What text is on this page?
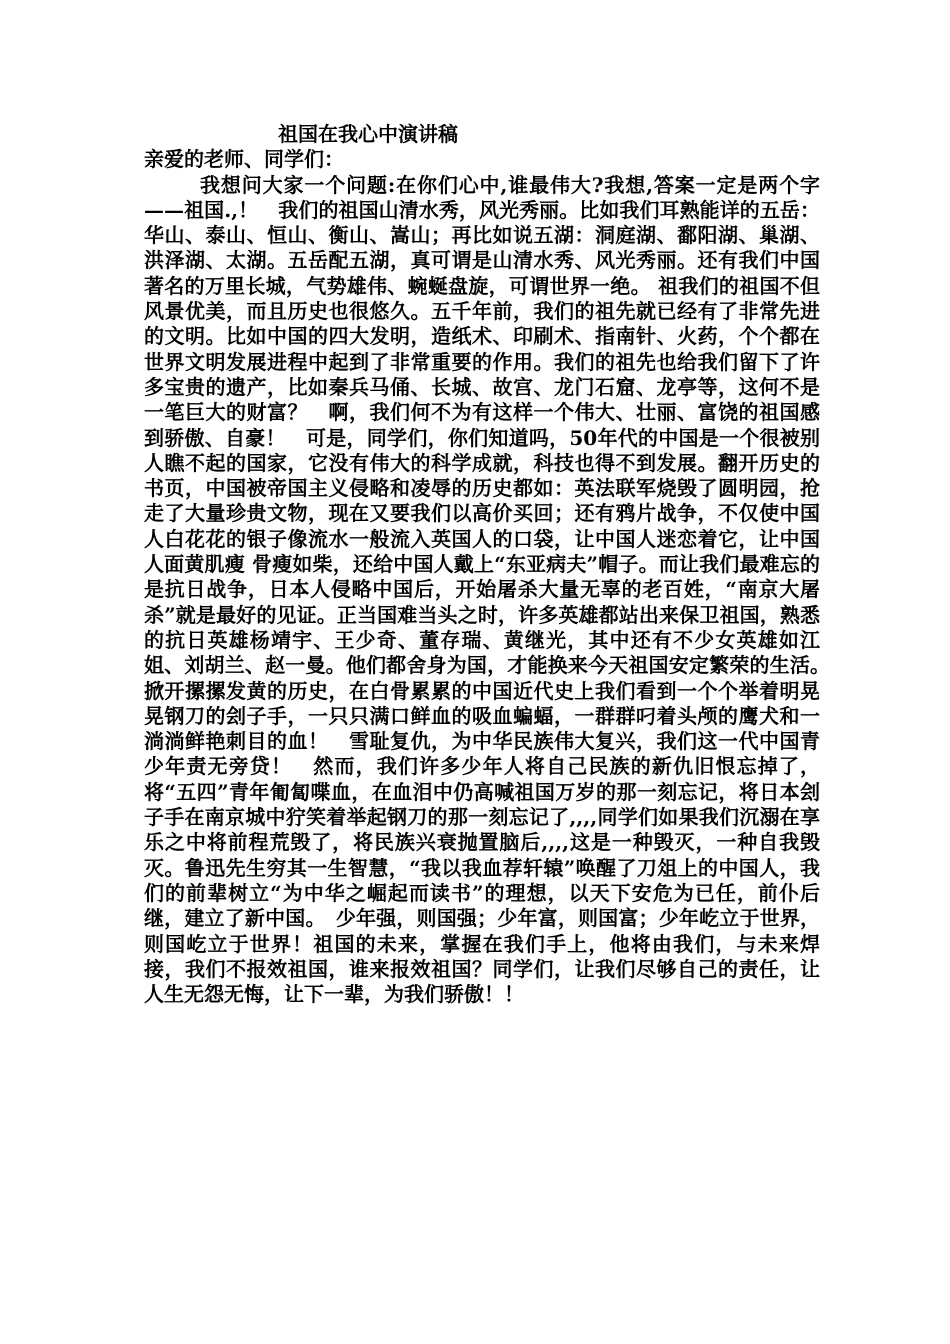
祖国在我心中演讲稿

亲爱的老师、同学们：

我想问大家一个问题:在你们心中,谁最伟大?我想,答案一定是两个字——祖国.,！　我们的祖国山清水秀，风光秀丽。比如我们耳熟能详的五岳：华山、泰山、恒山、衡山、嵩山；再比如说五湖：洞庭湖、鄱阳湖、巢湖、洪泽湖、太湖。五岳配五湖，真可谓是山清水秀、风光秀丽。还有我们中国著名的万里长城，气势雄伟、蜿蜒盘旋，可谓世界一绝。 祖我们的祖国不但风景优美，而且历史也很悠久。五千年前，我们的祖先就已经有了非常先进的文明。比如中国的四大发明，造纸术、印刷术、指南针、火药，个个都在世界文明发展进程中起到了非常重要的作用。我们的祖先也给我们留下了许多宝贵的遗产，比如秦兵马俑、长城、故宫、龙门石窟、龙亭等，这何不是一笔巨大的财富？　啊，我们何不为有这样一个伟大、壮丽、富饶的祖国感到骄傲、自豪！　可是，同学们，你们知道吗，50年代的中国是一个很被别人瞧不起的国家，它没有伟大的科学成就，科技也得不到发展。翻开历史的书页，中国被帝国主义侵略和凌辱的历史都如：英法联军烧毁了圆明园，抢走了大量珍贵文物，现在又要我们以高价买回；还有鸦片战争，不仅使中国人白花花的银子像流水一般流入英国人的口袋，让中国人迷恋着它，让中国人面黄肌瘦 骨瘦如柴，还给中国人戴上“东亚病夫”帽子。而让我们最难忘的是抗日战争，日本人侵略中国后，开始屠杀大量无辜的老百姓，“南京大屠杀”就是最好的见证。正当国难当头之时，许多英雄都站出来保卫祖国，熟悉的抗日英雄杨靖宇、王少奇、董存瑞、黄继光，其中还有不少女英雄如江姐、刘胡兰、赵一曼。他们都舍身为国，才能换来今天祖国安定繁荣的生活。　 掀开摞摞发黄的历史，在白骨累累的中国近代史上我们看到一个个举着明晃晃钢刀的刽子手，一只只满口鲜血的吸血蝙蝠，一群群叼着头颅的鹰犬和一淌淌鲜艳刺目的血！　雪耻复仇，为中华民族伟大复兴，我们这一代中国青少年责无旁贷！　然而，我们许多少年人将自己民族的新仇旧恨忘掉了，将“五四”青年匍匐喋血，在血泪中仍高喊祖国万岁的那一刻忘记，将日本刽子手在南京城中狞笑着举起钢刀的那一刻忘记了,,,,同学们如果我们沉溺在享乐之中将前程荒毁了，将民族兴衰抛置脑后,,,,这是一种毁灭，一种自我毁灭。鲁迅先生穷其一生智慧，“我以我血荐轩辕”唤醒了刀俎上的中国人，我们的前辈树立“为中华之崛起而读书”的理想，以天下安危为已任，前仆后继，建立了新中国。　少年强，则国强；少年富，则国富；少年屹立于世界，则国屹立于世界！祖国的未来，掌握在我们手上，他将由我们，与未来焊接，我们不报效祖国，谁来报效祖国？同学们，让我们尽够自己的责任，让人生无怨无悔，让下一辈，为我们骄傲！！
